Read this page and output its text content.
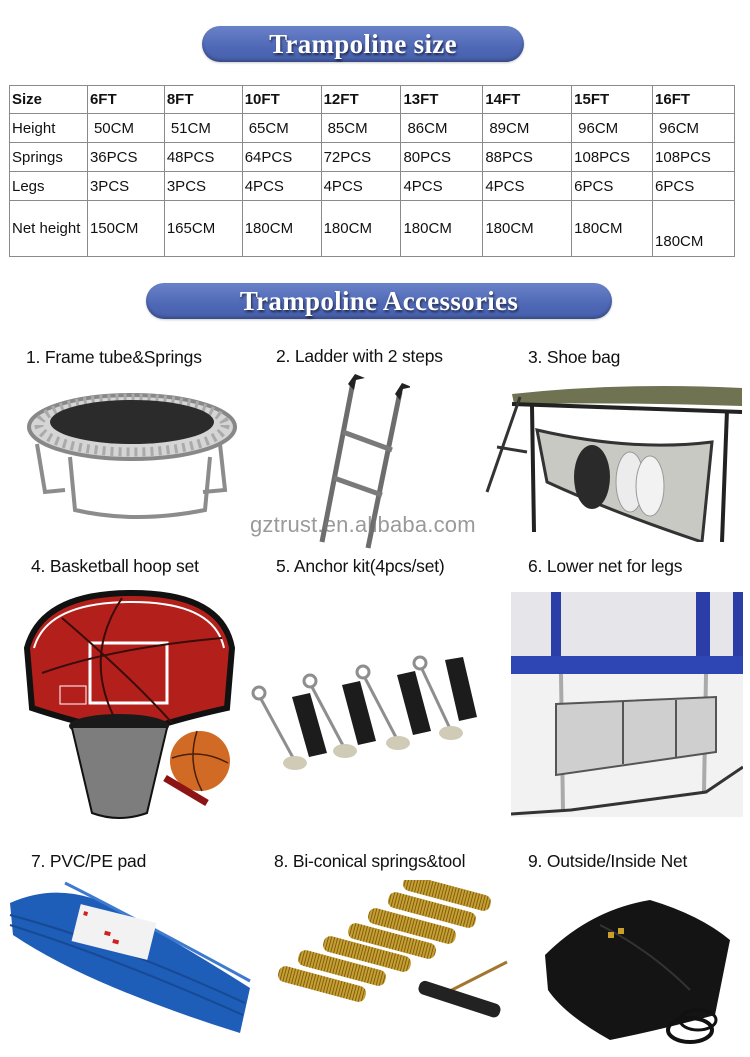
Trampoline size
Size	6FT	8FT	10FT	12FT	13FT	14FT	15FT	16FT
Height	50CM	51CM	65CM	85CM	86CM	89CM	96CM	96CM
Springs	36PCS	48PCS	64PCS	72PCS	80PCS	88PCS	108PCS	108PCS
Legs	3PCS	3PCS	4PCS	4PCS	4PCS	4PCS	6PCS	6PCS
Net height	150CM	165CM	180CM	180CM	180CM	180CM	180CM	180CM
Trampoline Accessories
1. Frame tube&Springs	2. Ladder with 2 steps	3. Shoe bag
gztrust.en.alibaba.com
4. Basketball hoop set	5. Anchor kit(4pcs/set)	6. Lower net for legs
7. PVC/PE pad	8. Bi-conical springs&tool	9. Outside/Inside Net
